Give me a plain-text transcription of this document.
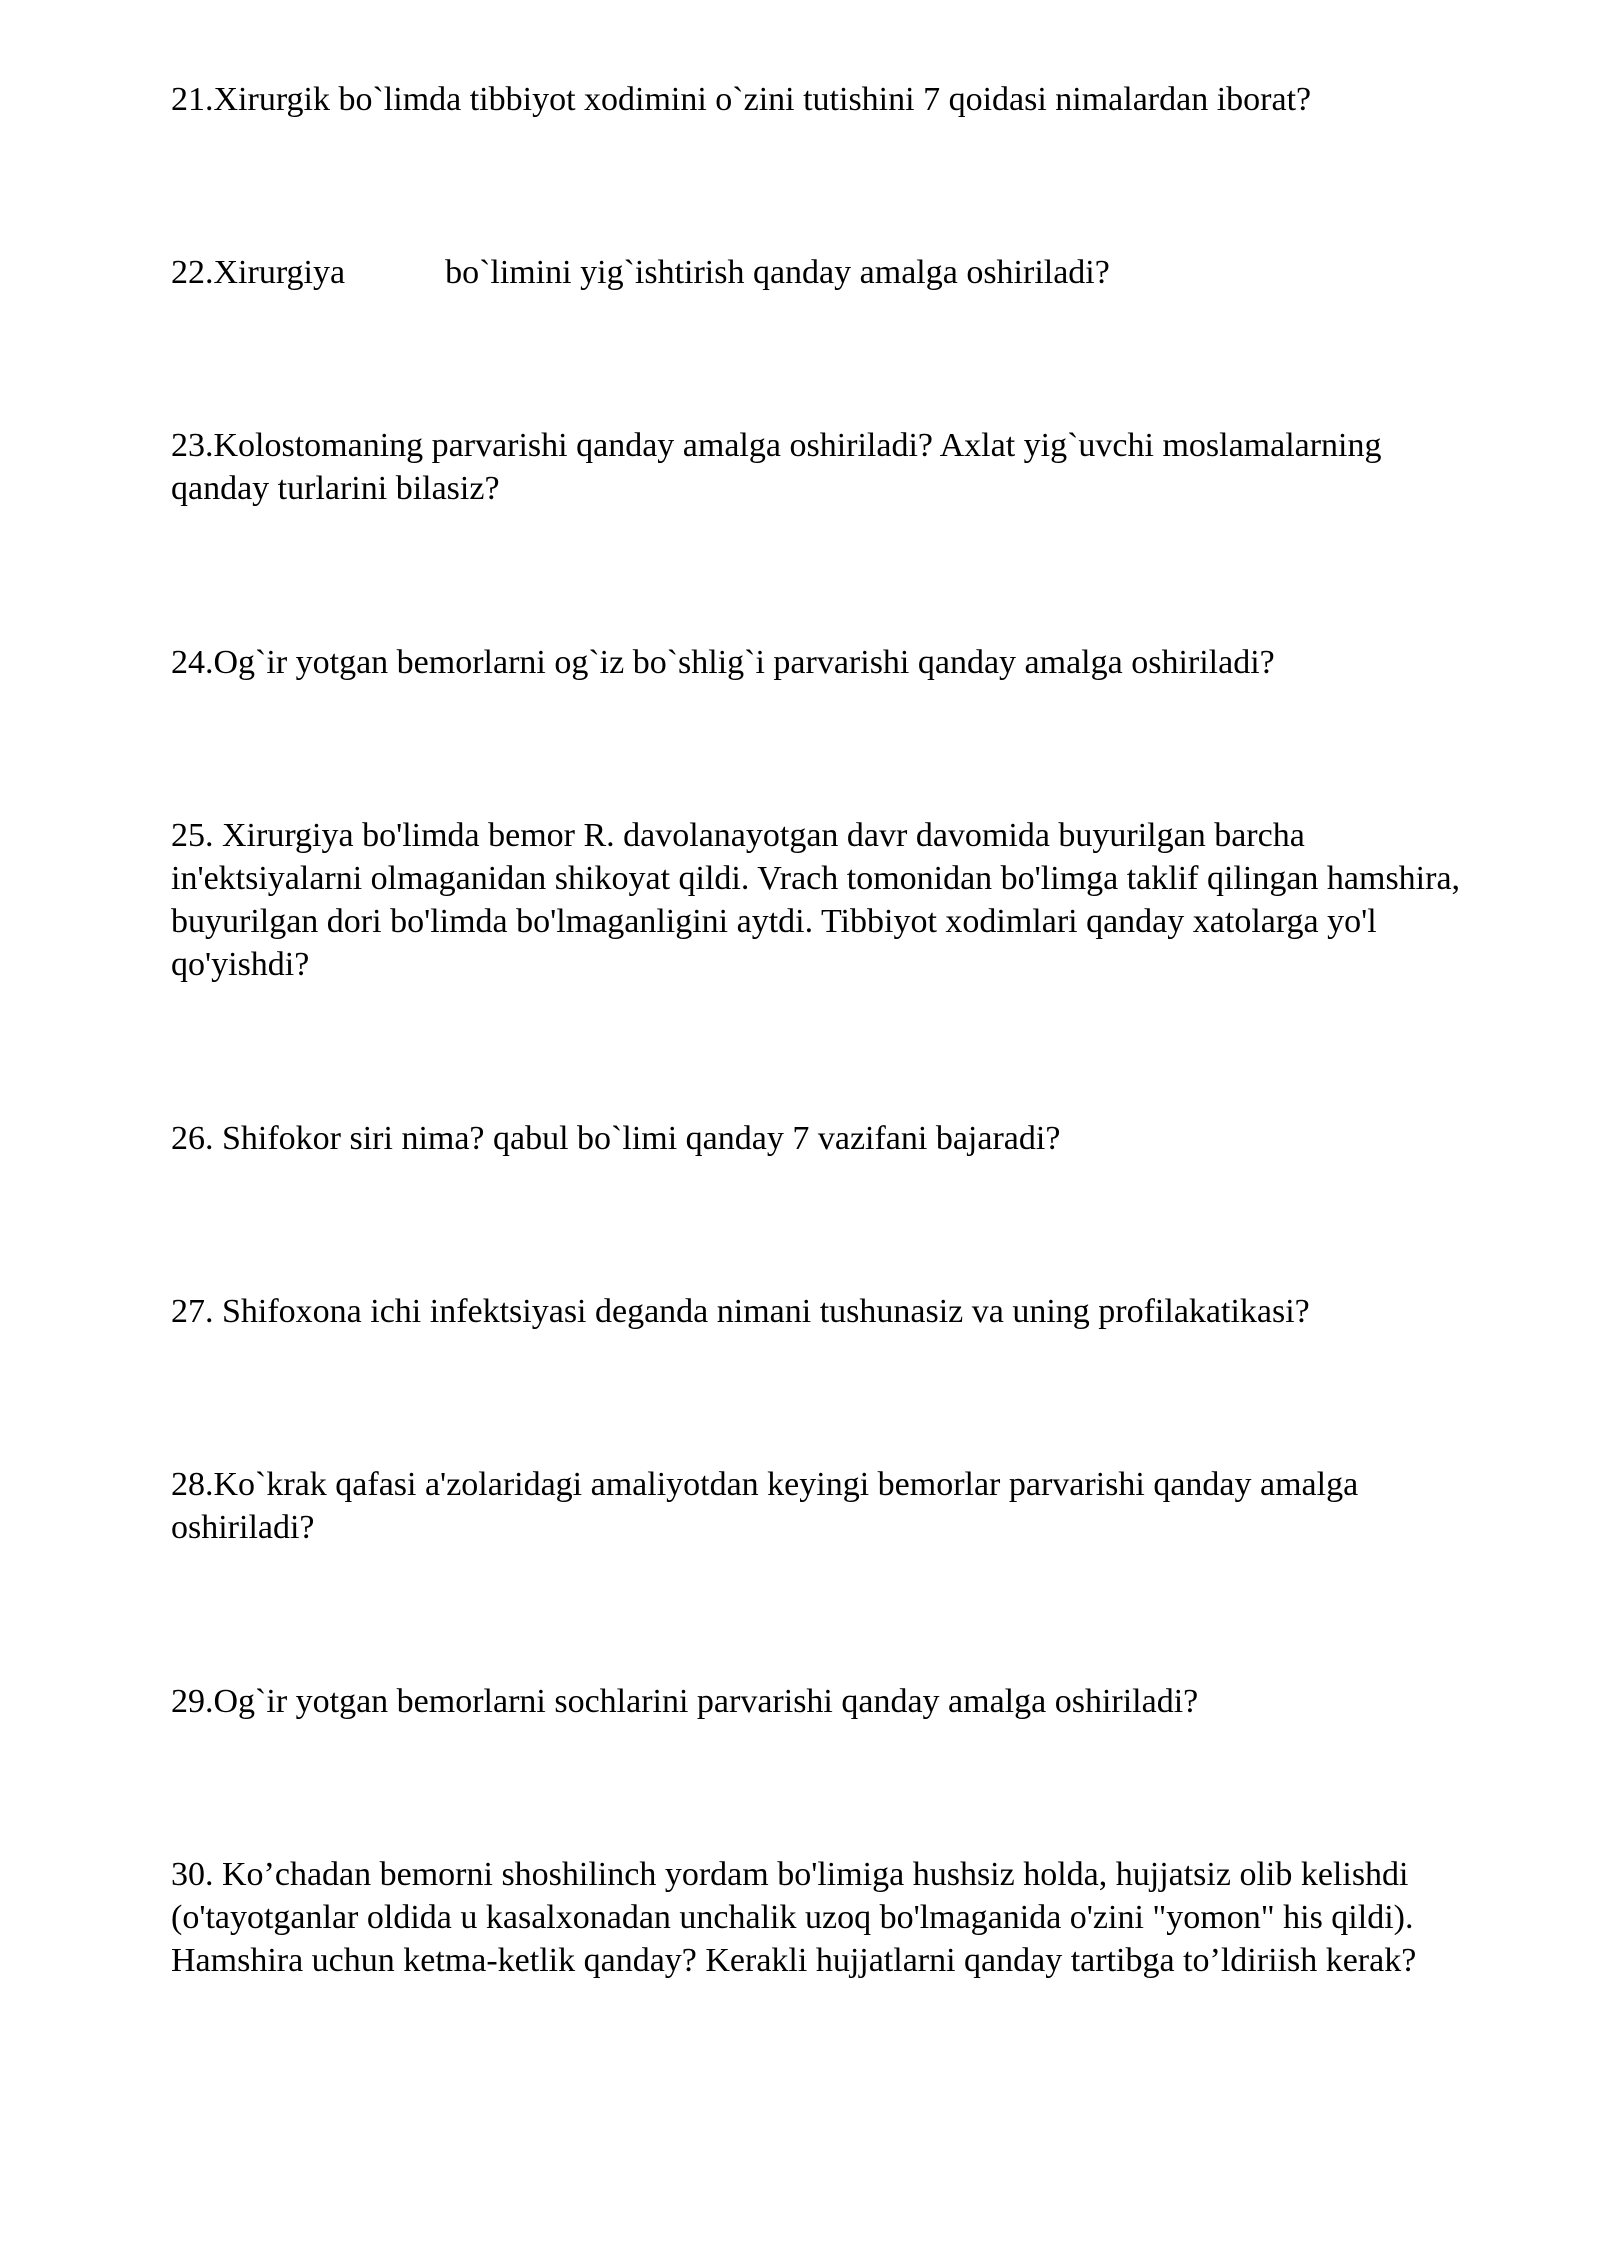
21.Xirurgik bo`limda tibbiyot xodimini o`zini tutishini 7 qoidasi nimalardan iborat?

22.Xirurgiya	bo`limini yig`ishtirish qanday amalga oshiriladi?

23.Kolostomaning parvarishi qanday amalga oshiriladi? Axlat yig`uvchi moslamalarning qanday turlarini bilasiz?

24.Og`ir yotgan bemorlarni og`iz bo`shlig`i parvarishi qanday amalga oshiriladi?

25. Xirurgiya bo'limda bemor R. davolanayotgan davr davomida buyurilgan barcha in'ektsiyalarni olmaganidan shikoyat qildi. Vrach tomonidan bo'limga taklif qilingan hamshira, buyurilgan dori bo'limda bo'lmaganligini aytdi. Tibbiyot xodimlari qanday xatolarga yo'l qo'yishdi?

26. Shifokor siri nima? qabul bo`limi qanday 7 vazifani bajaradi?

27. Shifoxona ichi infektsiyasi deganda nimani tushunasiz va uning profilakatikasi?

28.Ko`krak qafasi a'zolaridagi amaliyotdan keyingi bemorlar parvarishi qanday amalga oshiriladi?

29.Og`ir yotgan bemorlarni sochlarini parvarishi qanday amalga oshiriladi?

30. Ko’chadan bemorni shoshilinch yordam bo'limiga hushsiz holda, hujjatsiz olib kelishdi (o'tayotganlar oldida u kasalxonadan unchalik uzoq bo'lmaganida o'zini "yomon" his qildi). Hamshira uchun ketma-ketlik qanday? Kerakli hujjatlarni qanday tartibga to’ldiriish kerak?
